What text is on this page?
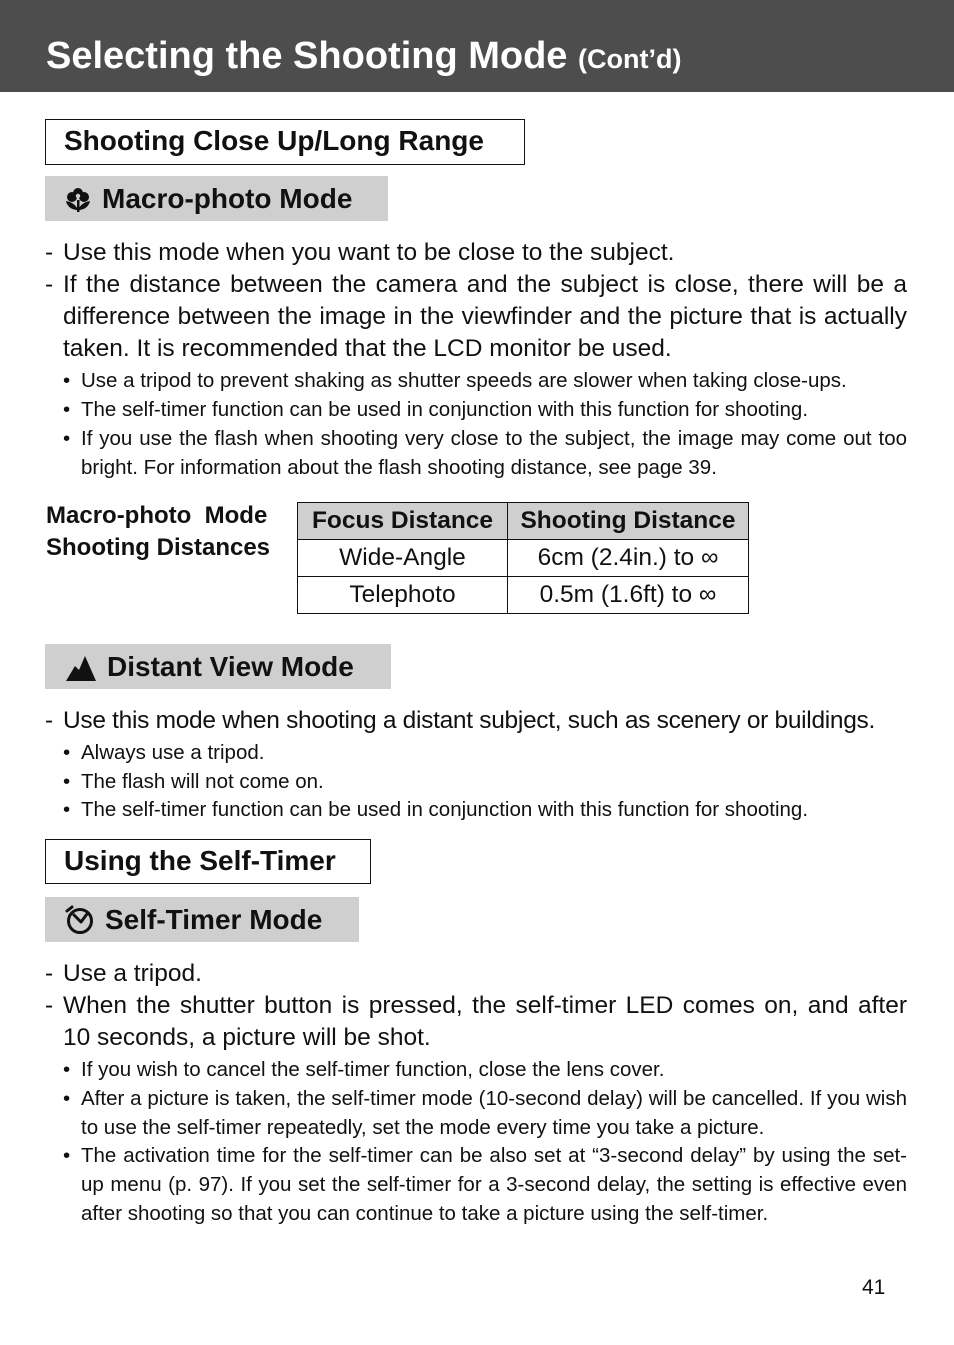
Selecting the Shooting Mode (Cont’d)
Shooting Close Up/Long Range
Macro-photo Mode
- Use this mode when you want to be close to the subject.
- If the distance between the camera and the subject is close, there will be a difference between the image in the viewfinder and the picture that is actually taken. It is recommended that the LCD monitor be used.
• Use a tripod to prevent shaking as shutter speeds are slower when taking close-ups.
• The self-timer function can be used in conjunction with this function for shooting.
• If you use the flash when shooting very close to the subject, the image may come out too bright. For information about the flash shooting distance, see page 39.
Macro-photo  Mode
Shooting Distances
Focus Distance	Shooting Distance
Wide-Angle	6cm (2.4in.) to ∞
Telephoto	0.5m (1.6ft) to ∞
Distant View Mode
- Use this mode when shooting a distant subject, such as scenery or buildings.
• Always use a tripod.
• The flash will not come on.
• The self-timer function can be used in conjunction with this function for shooting.
Using the Self-Timer
Self-Timer Mode
- Use a tripod.
- When the shutter button is pressed, the self-timer LED comes on, and after 10 seconds, a picture will be shot.
• If you wish to cancel the self-timer function, close the lens cover.
• After a picture is taken, the self-timer mode (10-second delay) will be cancelled. If you wish to use the self-timer repeatedly, set the mode every time you take a picture.
• The activation time for the self-timer can be also set at “3-second delay” by using the set-up menu (p. 97). If you set the self-timer for a 3-second delay, the setting is effective even after shooting so that you can continue to take a picture using the self-timer.
41
